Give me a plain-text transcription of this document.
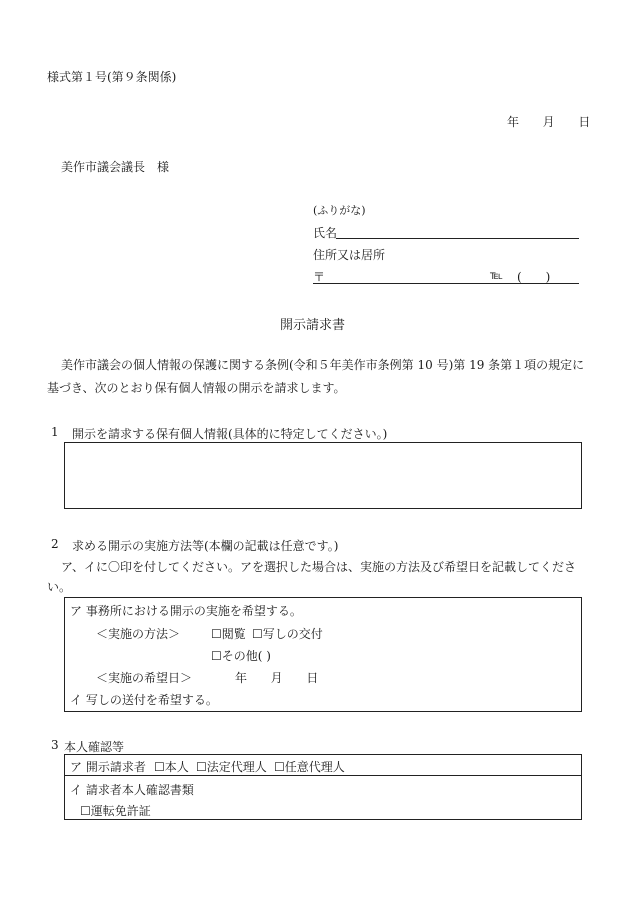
様式第１号(第９条関係)
年 月 日
美作市議会議長　様
(ふりがな)
氏名
住所又は居所
〒	℡ (　　)
開示請求書
美作市議会の個人情報の保護に関する条例(令和５年美作市条例第 10 号)第 19 条第１項の規定に
基づき、次のとおり保有個人情報の開示を請求します。
1 開示を請求する保有個人情報(具体的に特定してください。)
2 求める開示の実施方法等(本欄の記載は任意です。)
ア、イに〇印を付してください。アを選択した場合は、実施の方法及び希望日を記載してくださ
い。
ア 事務所における開示の実施を希望する。
＜実施の方法＞	☐閲覧 ☐写しの交付
☐その他( )
＜実施の希望日＞	年 月 日
イ 写しの送付を希望する。
3 本人確認等
ア 開示請求者 ☐本人 ☐法定代理人 ☐任意代理人
イ 請求者本人確認書類
☐運転免許証
